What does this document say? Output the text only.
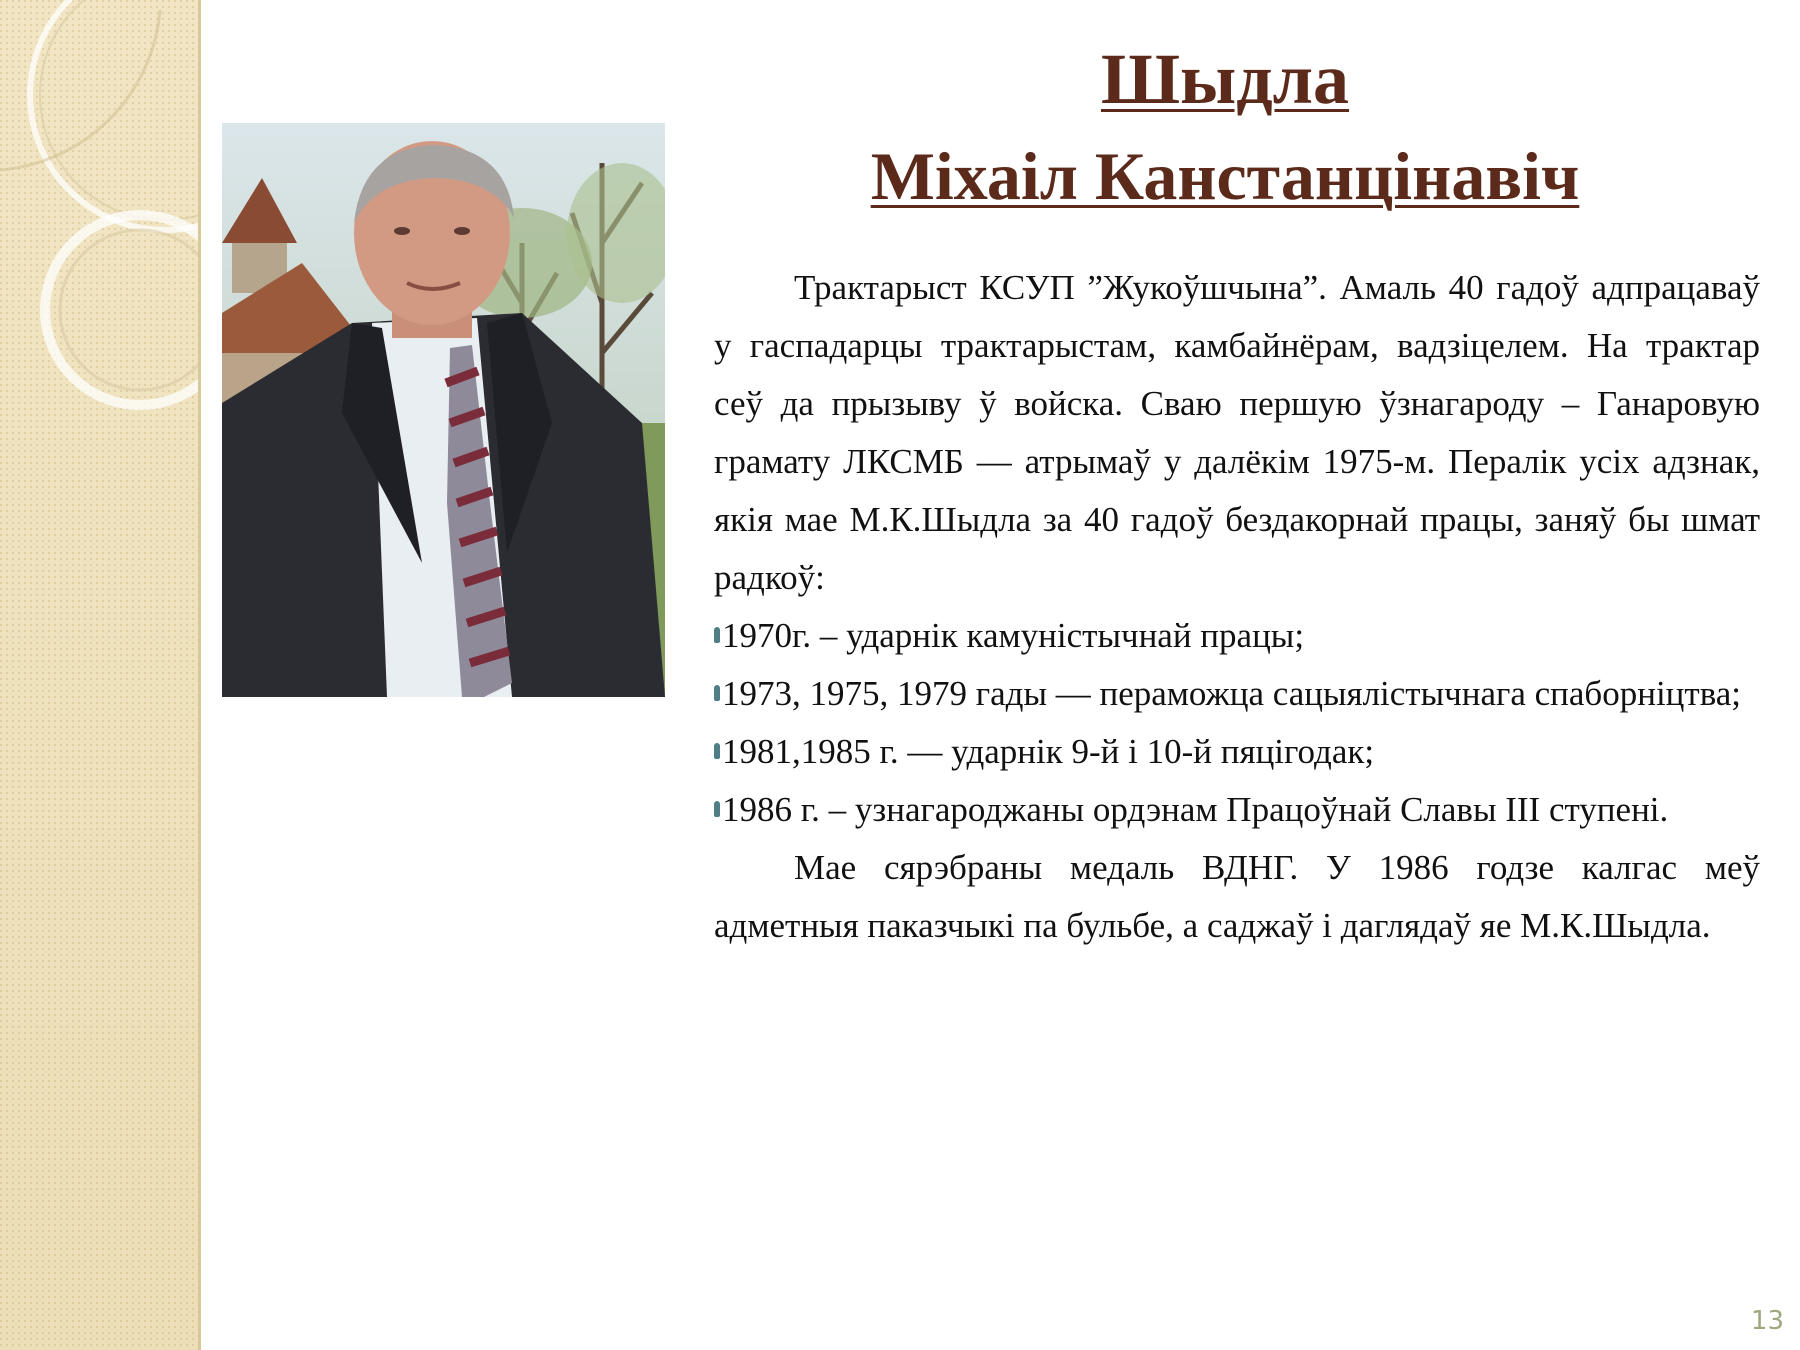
Шыдла
Міхаіл Канстанцінавіч

Трактарыст КСУП ”Жукоўшчына”. Амаль 40 гадоў адпрацаваў у гаспадарцы трактарыстам, камбайнёрам, вадзіцелем. На трактар сеў да прызыву ў войска. Сваю першую ўзнагароду – Ганаровую грамату ЛКСМБ — атрымаў у далёкім 1975-м. Пералік усіх адзнак, якія мае М.К.Шыдла за 40 гадоў бездакорнай працы, заняў бы шмат радкоў:

1970г. – ударнік камуністычнай працы;

1973, 1975, 1979 гады — пераможца сацыялістычнага спаборніцтва;

1981,1985 г. — ударнік 9-й і 10-й пяцігодак;

1986 г. – узнагароджаны ордэнам Працоўнай Славы ІІІ ступені.

Мае сярэбраны медаль ВДНГ. У 1986 годзе калгас меў адметныя паказчыкі па бульбе, а саджаў і даглядаў яе М.К.Шыдла.

13
